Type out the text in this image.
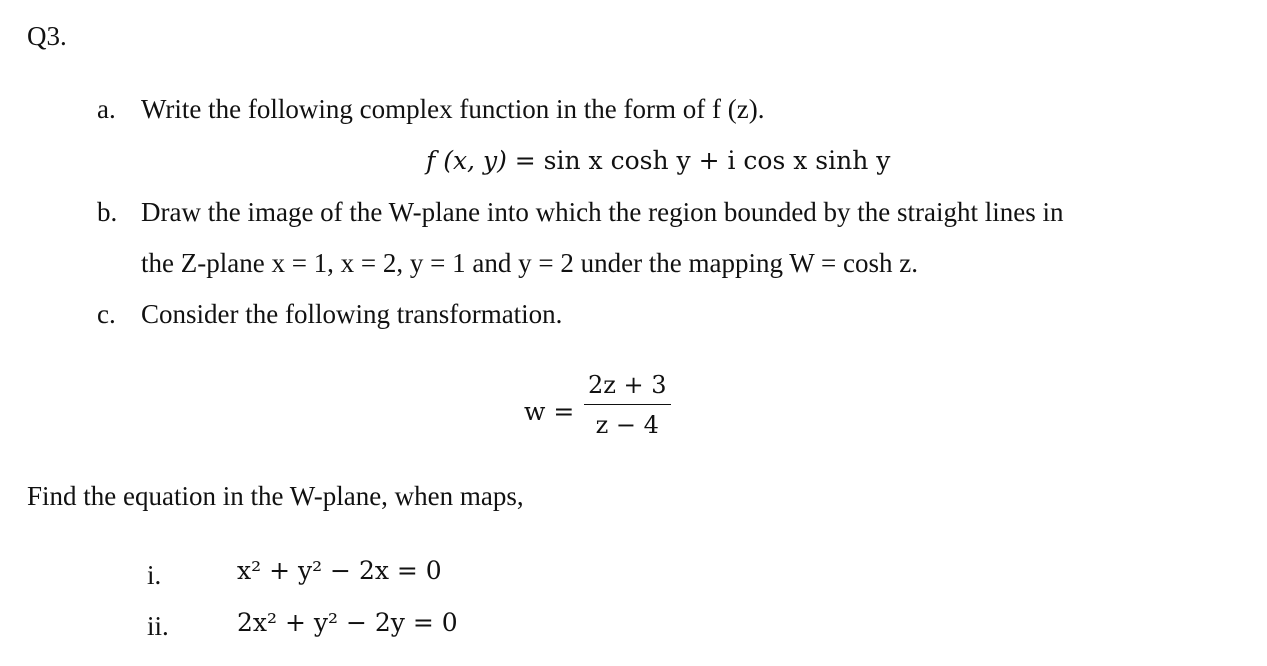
Q3.
a. Write the following complex function in the form of f (z).
f (x, y) = sin x cosh y + i cos x sinh y
b. Draw the image of the W-plane into which the region bounded by the straight lines in
the Z-plane x = 1, x = 2, y = 1 and y = 2 under the mapping W = cosh z.
c. Consider the following transformation.
w =
2z + 3
z − 4
Find the equation in the W-plane, when maps,
i.	x² + y² − 2x = 0
ii.	2x² + y² − 2y = 0
